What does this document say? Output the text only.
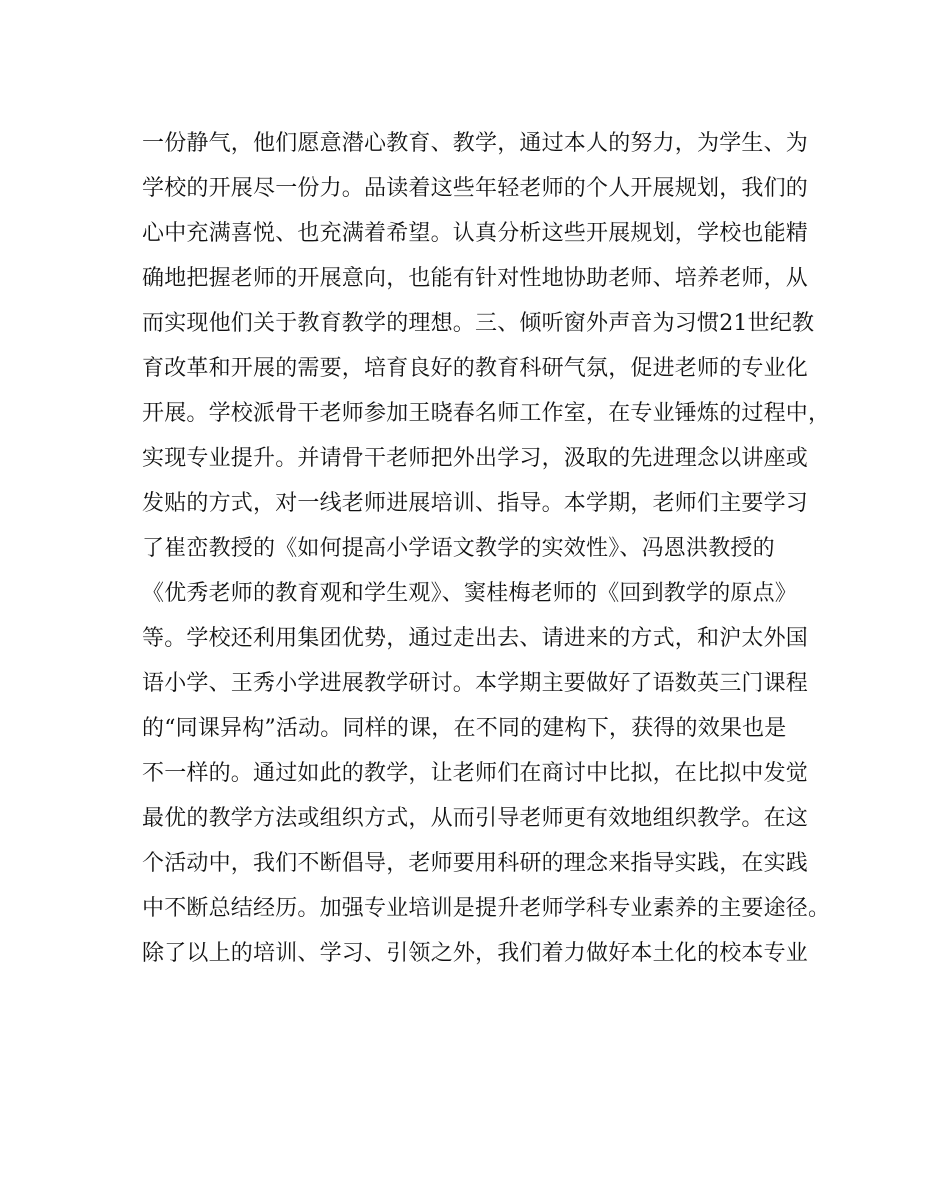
一份静气，他们愿意潜心教育、教学，通过本人的努力，为学生、为
学校的开展尽一份力。品读着这些年轻老师的个人开展规划，我们的
心中充满喜悦、也充满着希望。认真分析这些开展规划，学校也能精
确地把握老师的开展意向，也能有针对性地协助老师、培养老师，从
而实现他们关于教育教学的理想。三、倾听窗外声音为习惯21世纪教
育改革和开展的需要，培育良好的教育科研气氛，促进老师的专业化
开展。学校派骨干老师参加王晓春名师工作室，在专业锤炼的过程中，
实现专业提升。并请骨干老师把外出学习，汲取的先进理念以讲座或
发贴的方式，对一线老师进展培训、指导。本学期，老师们主要学习
了崔峦教授的《如何提高小学语文教学的实效性》、冯恩洪教授的
《优秀老师的教育观和学生观》、窦桂梅老师的《回到教学的原点》
等。学校还利用集团优势，通过走出去、请进来的方式，和沪太外国
语小学、王秀小学进展教学研讨。本学期主要做好了语数英三门课程
的“同课异构”活动。同样的课，在不同的建构下，获得的效果也是
不一样的。通过如此的教学，让老师们在商讨中比拟，在比拟中发觉
最优的教学方法或组织方式，从而引导老师更有效地组织教学。在这
个活动中，我们不断倡导，老师要用科研的理念来指导实践，在实践
中不断总结经历。加强专业培训是提升老师学科专业素养的主要途径。
除了以上的培训、学习、引领之外，我们着力做好本土化的校本专业
